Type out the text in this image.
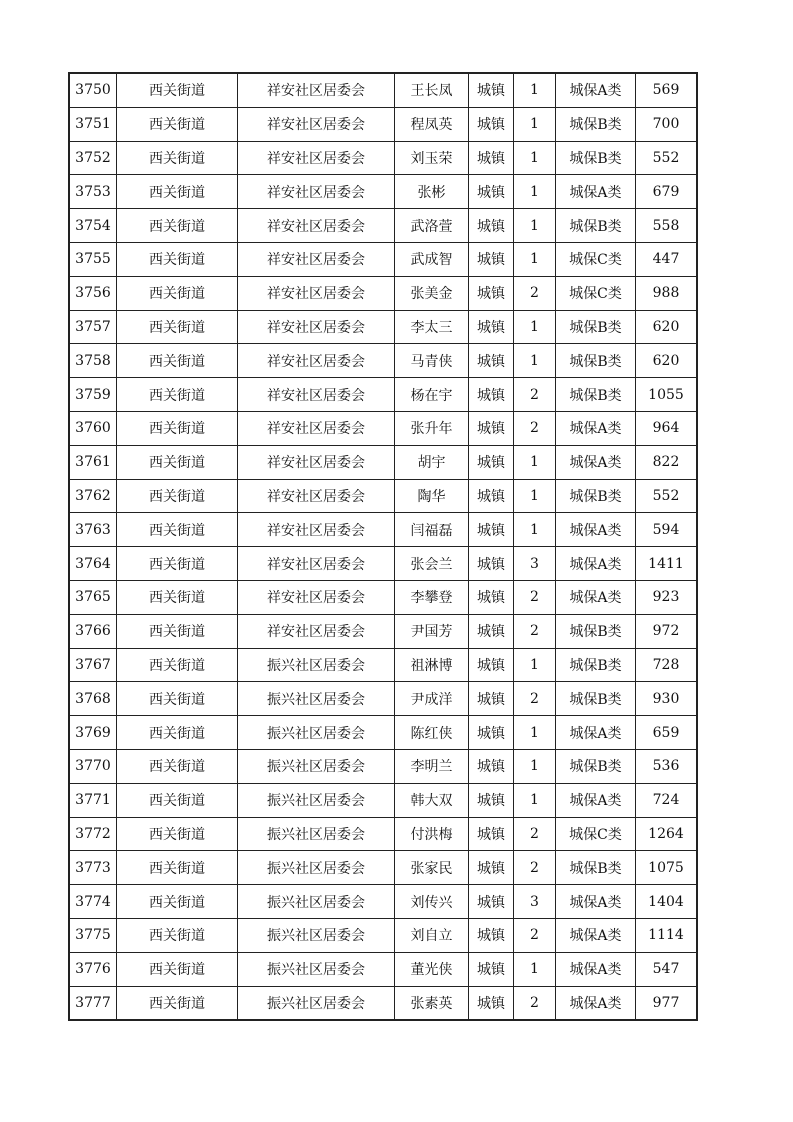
3750	西关街道	祥安社区居委会	王长凤	城镇	1	城保A类	569
3751	西关街道	祥安社区居委会	程凤英	城镇	1	城保B类	700
3752	西关街道	祥安社区居委会	刘玉荣	城镇	1	城保B类	552
3753	西关街道	祥安社区居委会	张彬	城镇	1	城保A类	679
3754	西关街道	祥安社区居委会	武洛萱	城镇	1	城保B类	558
3755	西关街道	祥安社区居委会	武成智	城镇	1	城保C类	447
3756	西关街道	祥安社区居委会	张美金	城镇	2	城保C类	988
3757	西关街道	祥安社区居委会	李太三	城镇	1	城保B类	620
3758	西关街道	祥安社区居委会	马青侠	城镇	1	城保B类	620
3759	西关街道	祥安社区居委会	杨在宇	城镇	2	城保B类	1055
3760	西关街道	祥安社区居委会	张升年	城镇	2	城保A类	964
3761	西关街道	祥安社区居委会	胡宇	城镇	1	城保A类	822
3762	西关街道	祥安社区居委会	陶华	城镇	1	城保B类	552
3763	西关街道	祥安社区居委会	闫福磊	城镇	1	城保A类	594
3764	西关街道	祥安社区居委会	张会兰	城镇	3	城保A类	1411
3765	西关街道	祥安社区居委会	李攀登	城镇	2	城保A类	923
3766	西关街道	祥安社区居委会	尹国芳	城镇	2	城保B类	972
3767	西关街道	振兴社区居委会	祖淋博	城镇	1	城保B类	728
3768	西关街道	振兴社区居委会	尹成洋	城镇	2	城保B类	930
3769	西关街道	振兴社区居委会	陈红侠	城镇	1	城保A类	659
3770	西关街道	振兴社区居委会	李明兰	城镇	1	城保B类	536
3771	西关街道	振兴社区居委会	韩大双	城镇	1	城保A类	724
3772	西关街道	振兴社区居委会	付洪梅	城镇	2	城保C类	1264
3773	西关街道	振兴社区居委会	张家民	城镇	2	城保B类	1075
3774	西关街道	振兴社区居委会	刘传兴	城镇	3	城保A类	1404
3775	西关街道	振兴社区居委会	刘自立	城镇	2	城保A类	1114
3776	西关街道	振兴社区居委会	董光侠	城镇	1	城保A类	547
3777	西关街道	振兴社区居委会	张素英	城镇	2	城保A类	977
